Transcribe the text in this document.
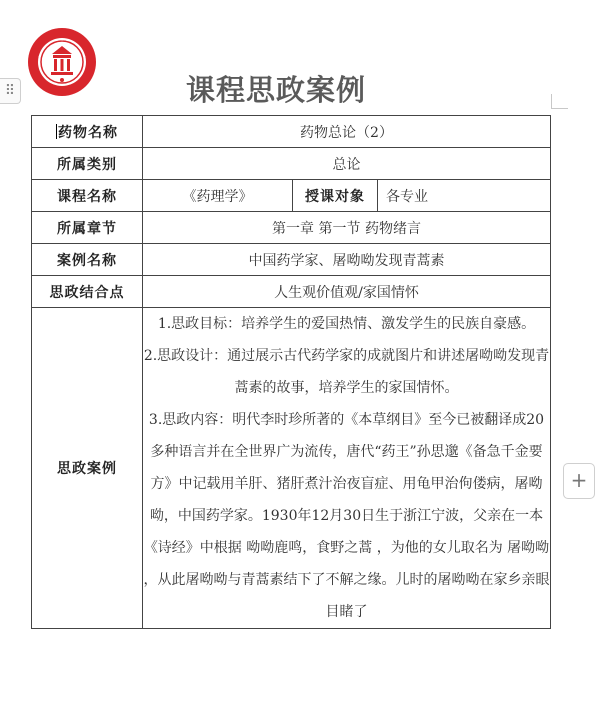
课程思政案例
⠿
+
药物名称	药物总论（2）		
所属类别	总论		
课程名称	《药理学》	授课对象	各专业
所属章节	第一章 第一节 药物绪言		
案例名称	中国药学家、屠呦呦发现青蒿素		
思政结合点	人生观价值观/家国情怀		
思政案例	1.思政目标：培养学生的爱国热情、激发学生的民族自豪感。

2.思政设计：通过展示古代药学家的成就图片和讲述屠呦呦发现青蒿素的故事，培养学生的家国情怀。

3.思政内容：明代李时珍所著的《本草纲目》至今已被翻译成20多种语言并在全世界广为流传，唐代“药王”孙思邈《备急千金要方》中记载用羊肝、猪肝煮汁治夜盲症、用龟甲治佝偻病，屠呦呦，中国药学家。1930年12月30日生于浙江宁波，父亲在一本《诗经》中根据 呦呦鹿鸣，食野之蒿 ，为他的女儿取名为 屠呦呦 ，从此屠呦呦与青蒿素结下了不解之缘。儿时的屠呦呦在家乡亲眼目睹了		
